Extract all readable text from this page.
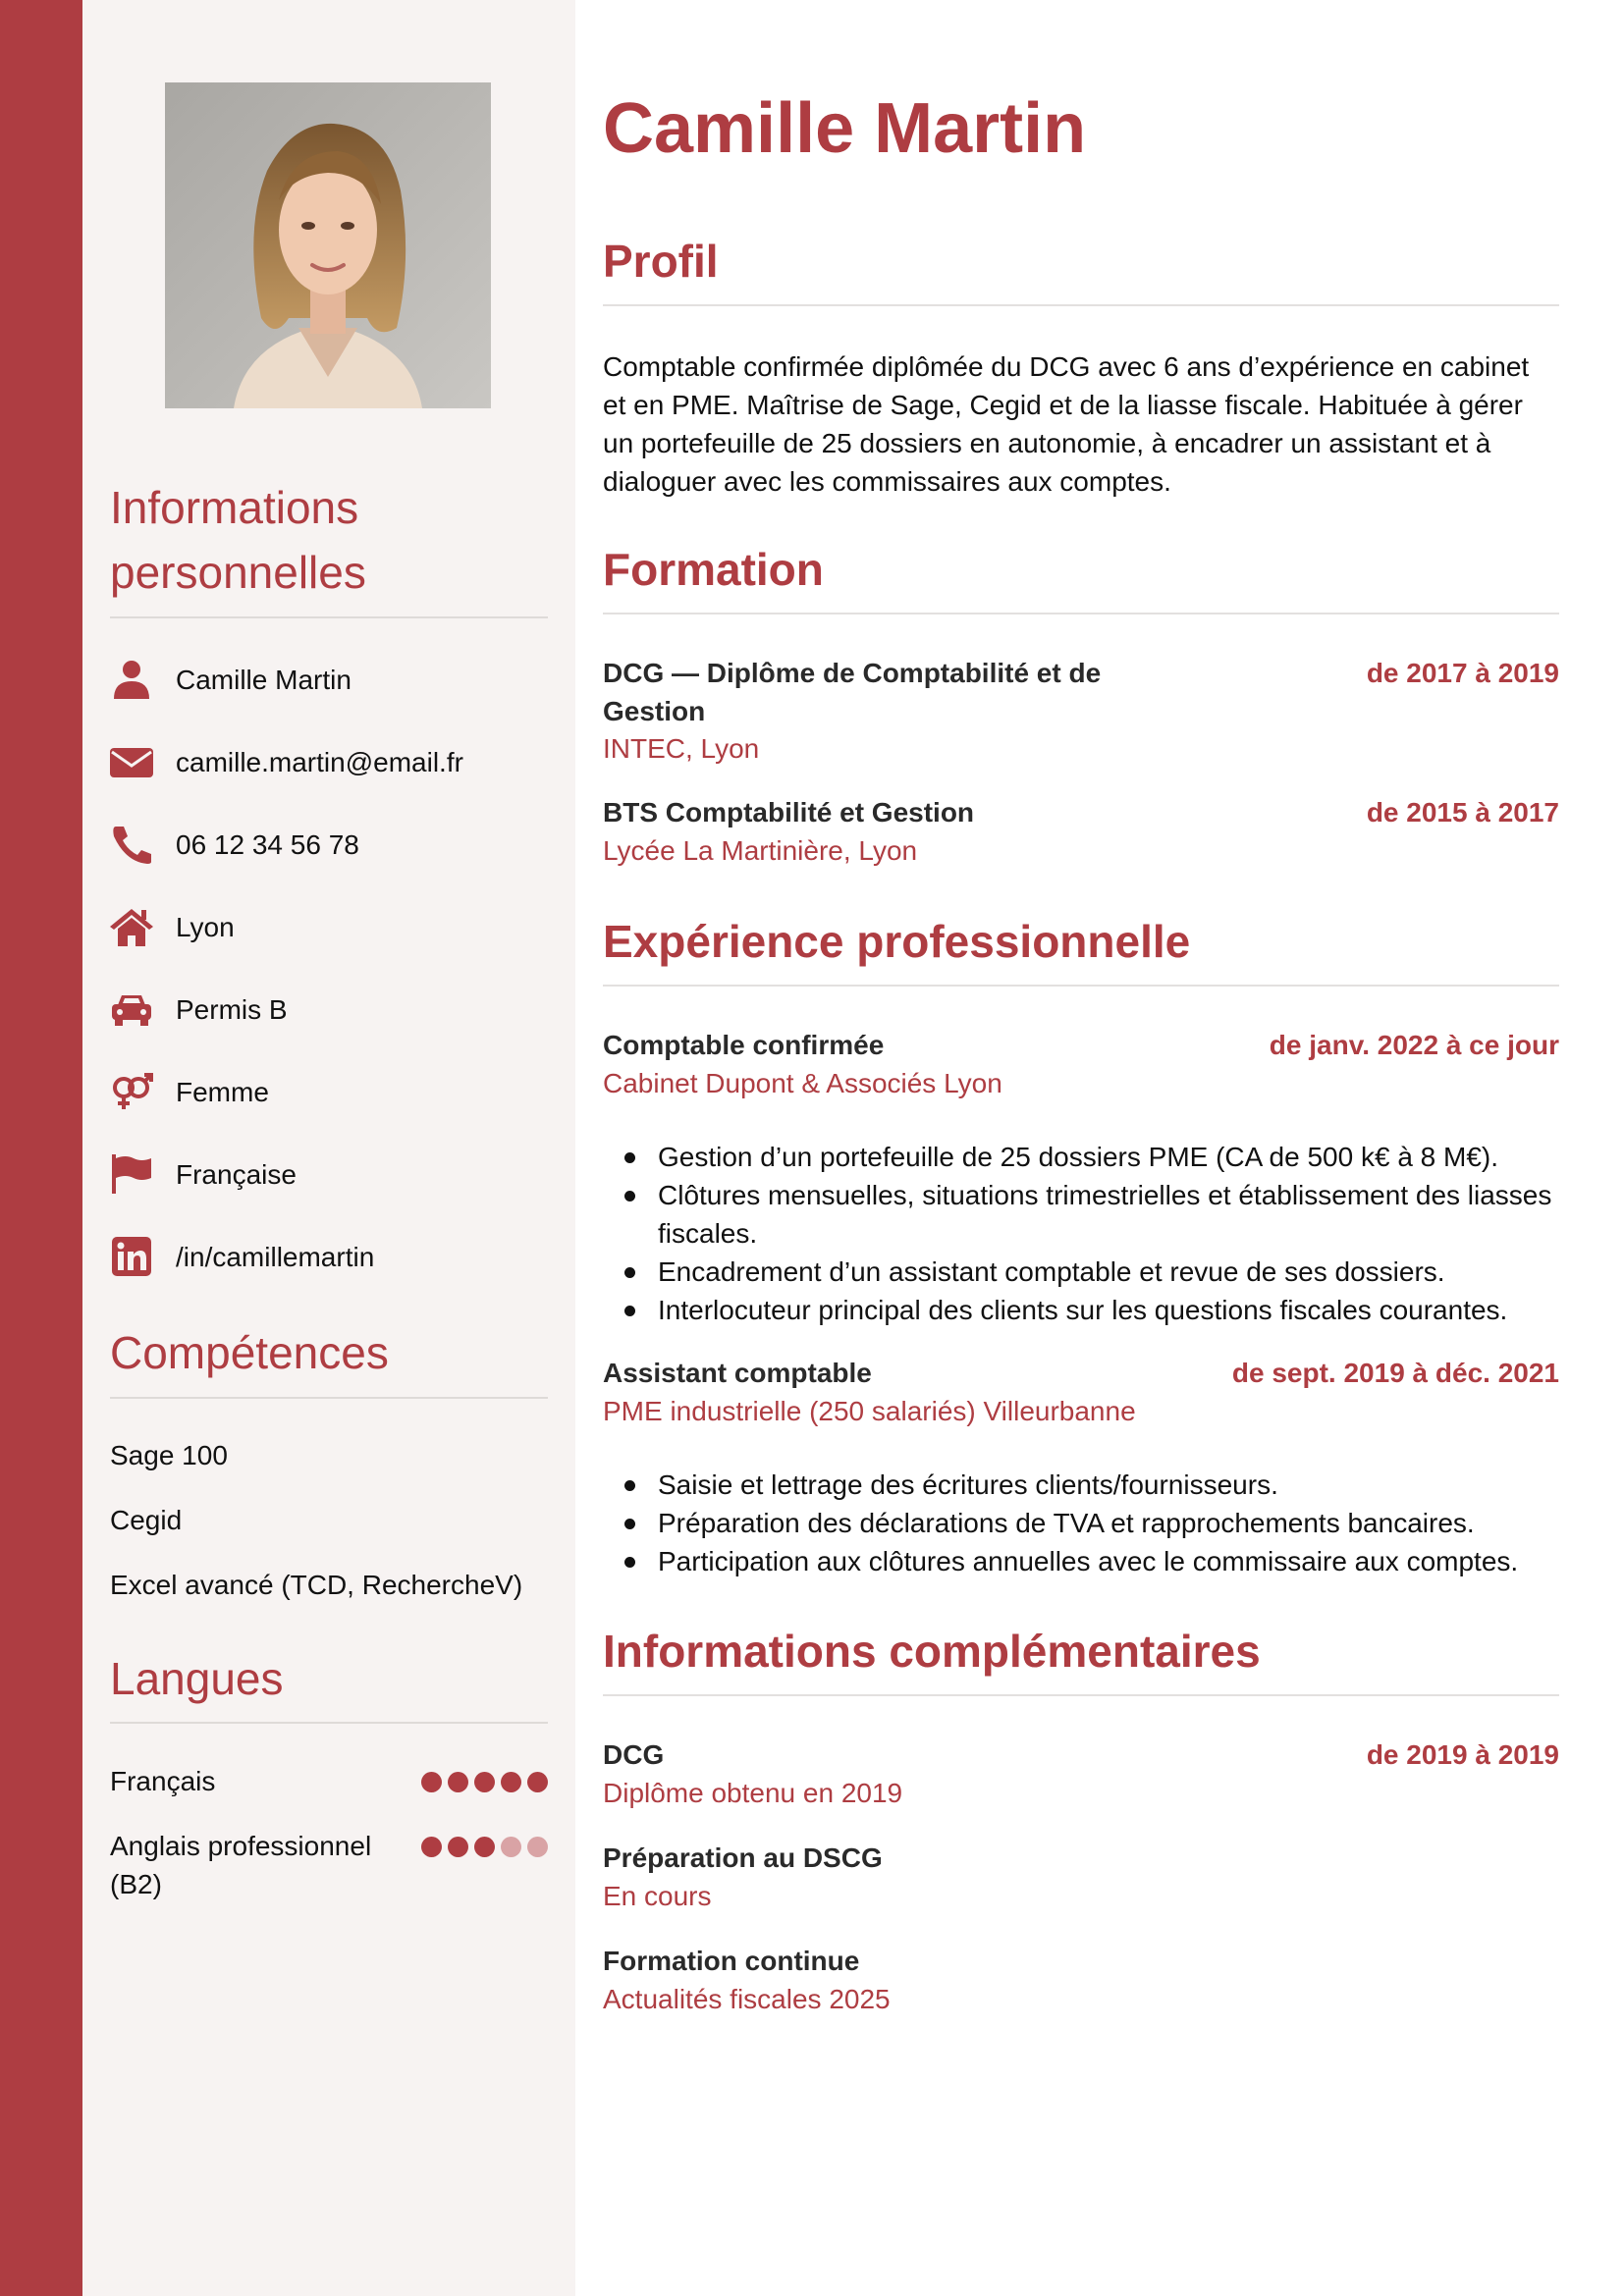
Informations
personnelles
Camille Martin
camille.martin@email.fr
06 12 34 56 78
Lyon
Permis B
Femme
Française
/in/camillemartin
Compétences
Sage 100
Cegid
Excel avancé (TCD, RechercheV)
Langues
Français
Anglais professionnel (B2)
Camille Martin
Profil

Comptable confirmée diplômée du DCG avec 6 ans d’expérience en cabinet et en PME. Maîtrise de Sage, Cegid et de la liasse fiscale. Habituée à gérer un portefeuille de 25 dossiers en autonomie, à encadrer un assistant et à dialoguer avec les commissaires aux comptes.

Formation
DCG — Diplôme de Comptabilité et de Gestion
de 2017 à 2019
INTEC, Lyon
BTS Comptabilité et Gestion	de 2015 à 2017
Lycée La Martinière, Lyon
Expérience professionnelle
Comptable confirmée	de janv. 2022 à ce jour
Cabinet Dupont & Associés Lyon
Gestion d’un portefeuille de 25 dossiers PME (CA de 500 k€ à 8 M€).
Clôtures mensuelles, situations trimestrielles et établissement des liasses fiscales.
Encadrement d’un assistant comptable et revue de ses dossiers.
Interlocuteur principal des clients sur les questions fiscales courantes.
Assistant comptable	de sept. 2019 à déc. 2021
PME industrielle (250 salariés) Villeurbanne
Saisie et lettrage des écritures clients/fournisseurs.
Préparation des déclarations de TVA et rapprochements bancaires.
Participation aux clôtures annuelles avec le commissaire aux comptes.
Informations complémentaires
DCG	de 2019 à 2019
Diplôme obtenu en 2019
Préparation au DSCG
En cours
Formation continue
Actualités fiscales 2025
